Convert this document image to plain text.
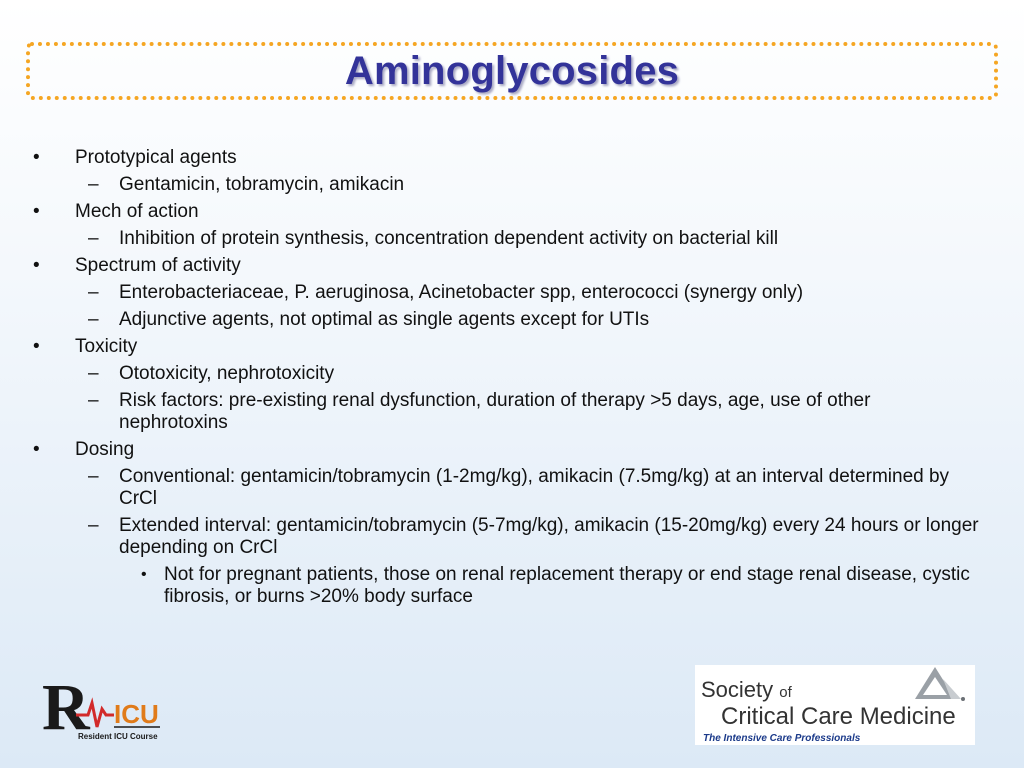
Aminoglycosides
• Prototypical agents
– Gentamicin, tobramycin, amikacin
• Mech of action
– Inhibition of protein synthesis, concentration dependent activity on bacterial kill
• Spectrum of activity
– Enterobacteriaceae, P. aeruginosa, Acinetobacter spp, enterococci (synergy only)
– Adjunctive agents, not optimal as single agents except for UTIs
• Toxicity
– Ototoxicity, nephrotoxicity
– Risk factors: pre-existing renal dysfunction, duration of therapy >5 days, age, use of other nephrotoxins
• Dosing
– Conventional: gentamicin/tobramycin (1-2mg/kg), amikacin (7.5mg/kg) at an interval determined by CrCl
– Extended interval: gentamicin/tobramycin (5-7mg/kg), amikacin (15-20mg/kg) every 24 hours or longer depending on CrCl
• Not for pregnant patients, those on renal replacement therapy or end stage renal disease, cystic fibrosis, or burns >20% body surface
R ICU
Resident ICU Course
Society of
Critical Care Medicine
The Intensive Care Professionals
